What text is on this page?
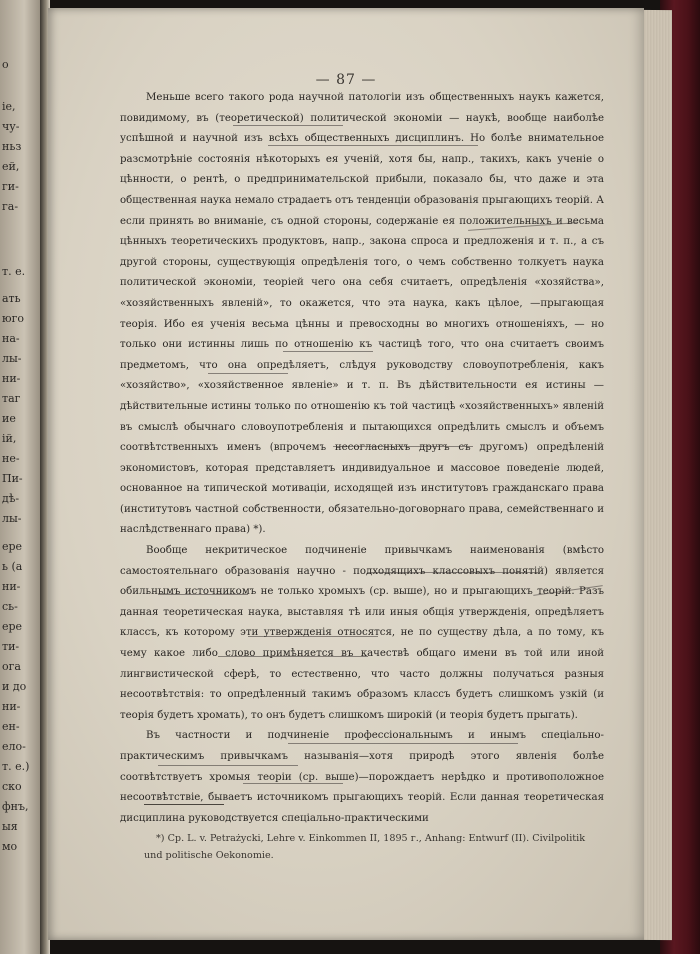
о
іе,
чу-
ньз
ей,
ги-
га-
т. е.
ать
юго
на-
лы-
ни-
таг
ие
ій,
не-
Пи-
дѣ-
лы-
ере
ь (а
ни-
сь-
ере
ти-
ога
и до
ни-
ен-
ело-
т. е.)
ско
фнъ,
ыя
мо
— 87 —

Меньше всего такого рода научной патологіи изъ общественныхъ наукъ кажется, повидимому, въ (теоретической) политической экономіи — наукѣ, вообще наиболѣе успѣшной и научной изъ всѣхъ общественныхъ дисциплинъ. Но болѣе внимательное разсмотрѣніе состоянія нѣкоторыхъ ея ученій, хотя бы, напр., такихъ, какъ ученіе о цѣнности, о рентѣ, о предпринимательской прибыли, показало бы, что даже и эта общественная наука немало страдаетъ отъ тенденціи образованія прыгающихъ теорій. А если принять во вниманіе, съ одной стороны, содержаніе ея положительныхъ и весьма цѣнныхъ теоретическихъ продуктовъ, напр., закона спроса и предложенія и т. п., а съ другой стороны, существующія опредѣленія того, о чемъ собственно толкуетъ наука политической экономіи, теоріей чего она себя считаетъ, опредѣленія «хозяйства», «хозяйственныхъ явленій», то окажется, что эта наука, какъ цѣлое, —прыгающая теорія. Ибо ея ученія весьма цѣнны и превосходны во многихъ отношеніяхъ, — но только они истинны лишь по отношенію къ частицѣ того, что она считаетъ своимъ предметомъ, что она опредѣляетъ, слѣдуя руководству словоупотребленія, какъ «хозяйство», «хозяйственное явленіе» и т. п. Въ дѣйствительности ея истины — дѣйствительные истины только по отношенію къ той частицѣ «хозяйственныхъ» явленій въ смыслѣ обычнаго словоупотребленія и пытающихся опредѣлить смыслъ и объемъ соотвѣтственныхъ именъ (впрочемъ несогласныхъ другъ съ другомъ) опредѣленій экономистовъ, которая представляетъ индивидуальное и массовое поведеніе людей, основанное на типической мотиваціи, исходящей изъ институтовъ гражданскаго права (институтовъ частной собственности, обязательно-договорнаго права, семейственнаго и наслѣдственнаго права) *).

Вообще некритическое подчиненіе привычкамъ наименованія (вмѣсто самостоятельнаго образованія научно - подходящихъ классовыхъ понятій) является обильнымъ источникомъ не только хромыхъ (ср. выше), но и прыгающихъ теорій. Разъ данная теоретическая наука, выставляя тѣ или иныя общія утвержденія, опредѣляетъ классъ, къ которому эти утвержденія относятся, не по существу дѣла, а по тому, къ чему какое либо слово примѣняется въ качествѣ общаго имени въ той или иной лингвистической сферѣ, то естественно, что часто должны получаться разныя несоотвѣтствія: то опредѣленный такимъ образомъ классъ будетъ слишкомъ узкій (и теорія будетъ хромать), то онъ будетъ слишкомъ широкій (и теорія будетъ прыгать).

Въ частности и подчиненіе профессіональнымъ и инымъ спеціально-практическимъ привычкамъ называнія—хотя природѣ этого явленія болѣе соотвѣтствуетъ хромыя теоріи (ср. выше)—порождаетъ нерѣдко и противоположное несоотвѣтствіе, бываетъ источникомъ прыгающихъ теорій. Если данная теоретическая дисциплина руководствуется спеціально-практическими

*) Cp. L. v. Petrażycki, Lehre v. Einkommen II, 1895 г., Anhang: Entwurf (II). Civilpolitik und politische Oekonomie.
